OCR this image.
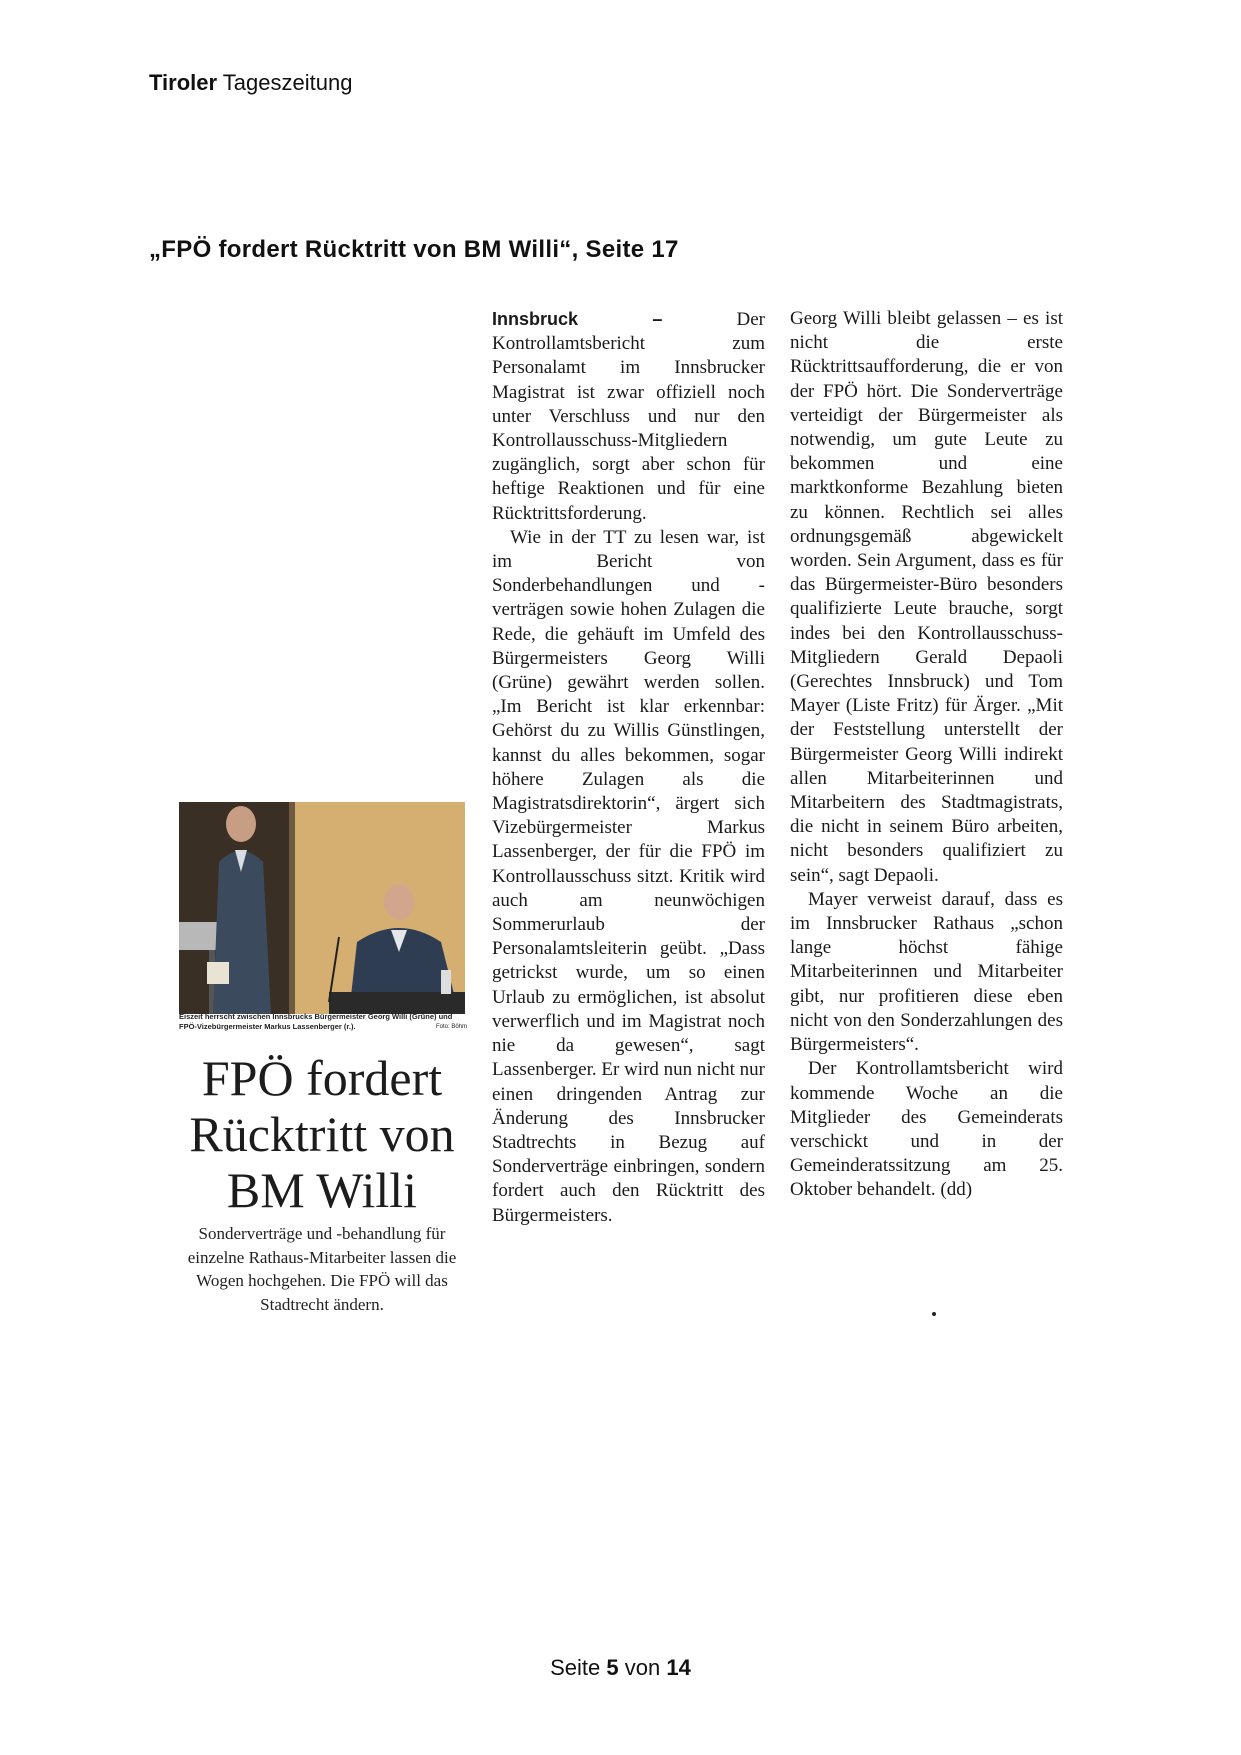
Tiroler Tageszeitung
„FPÖ fordert Rücktritt von BM Willi“, Seite 17
Eiszeit herrscht zwischen Innsbrucks Bürgermeister Georg Willi (Grüne) und FPÖ-Vizebürgermeister Markus Lassenberger (r.).	Foto: Böhm
FPÖ fordert Rücktritt von BM Willi
Sonderverträge und -behandlung für einzelne Rathaus-Mitarbeiter lassen die Wogen hochgehen. Die FPÖ will das Stadtrecht ändern.

Innsbruck –	Der Kontrollamtsbericht zum Personalamt im Innsbrucker Magistrat ist zwar offiziell noch unter Verschluss und nur den Kontrollausschuss-Mitgliedern zugänglich, sorgt aber schon für heftige Reaktionen und für eine Rücktrittsforderung.

Wie in der TT zu lesen war, ist im Bericht von Sonderbehandlungen und -verträgen sowie hohen Zulagen die Rede, die gehäuft im Umfeld des Bürgermeisters Georg Willi (Grüne) gewährt werden sollen. „Im Bericht ist klar erkennbar: Gehörst du zu Willis Günstlingen, kannst du alles bekommen, sogar höhere Zulagen als die Magistratsdirektorin“, ärgert sich Vizebürgermeister Markus Lassenberger, der für die FPÖ im Kontrollausschuss sitzt. Kritik wird auch am neunwöchigen Sommerurlaub der Personalamtsleiterin geübt. „Dass getrickst wurde, um so einen Urlaub zu ermöglichen, ist absolut verwerflich und im Magistrat noch nie da gewesen“, sagt Lassenberger. Er wird nun nicht nur einen dringenden Antrag zur Änderung des Innsbrucker Stadtrechts in Bezug auf Sonderverträge einbringen, sondern fordert auch den Rücktritt des Bürgermeisters.

Georg Willi bleibt gelassen – es ist nicht die erste Rücktrittsaufforderung, die er von der FPÖ hört. Die Sonderverträge verteidigt der Bürgermeister als notwendig, um gute Leute zu bekommen und eine marktkonforme Bezahlung bieten zu können. Rechtlich sei alles ordnungsgemäß abgewickelt worden. Sein Argument, dass es für das Bürgermeister-Büro besonders qualifizierte Leute brauche, sorgt indes bei den Kontrollausschuss-Mitgliedern Gerald Depaoli (Gerechtes Innsbruck) und Tom Mayer (Liste Fritz) für Ärger. „Mit der Feststellung unterstellt der Bürgermeister Georg Willi indirekt allen Mitarbeiterinnen und Mitarbeitern des Stadtmagistrats, die nicht in seinem Büro arbeiten, nicht besonders qualifiziert zu sein“, sagt Depaoli.

Mayer verweist darauf, dass es im Innsbrucker Rathaus „schon lange höchst fähige Mitarbeiterinnen und Mitarbeiter gibt, nur profitieren diese eben nicht von den Sonderzahlungen des Bürgermeisters“.

Der Kontrollamtsbericht wird kommende Woche an die Mitglieder des Gemeinderats verschickt und in der Gemeinderatssitzung am 25. Oktober behandelt. (dd)

Seite 5 von 14
